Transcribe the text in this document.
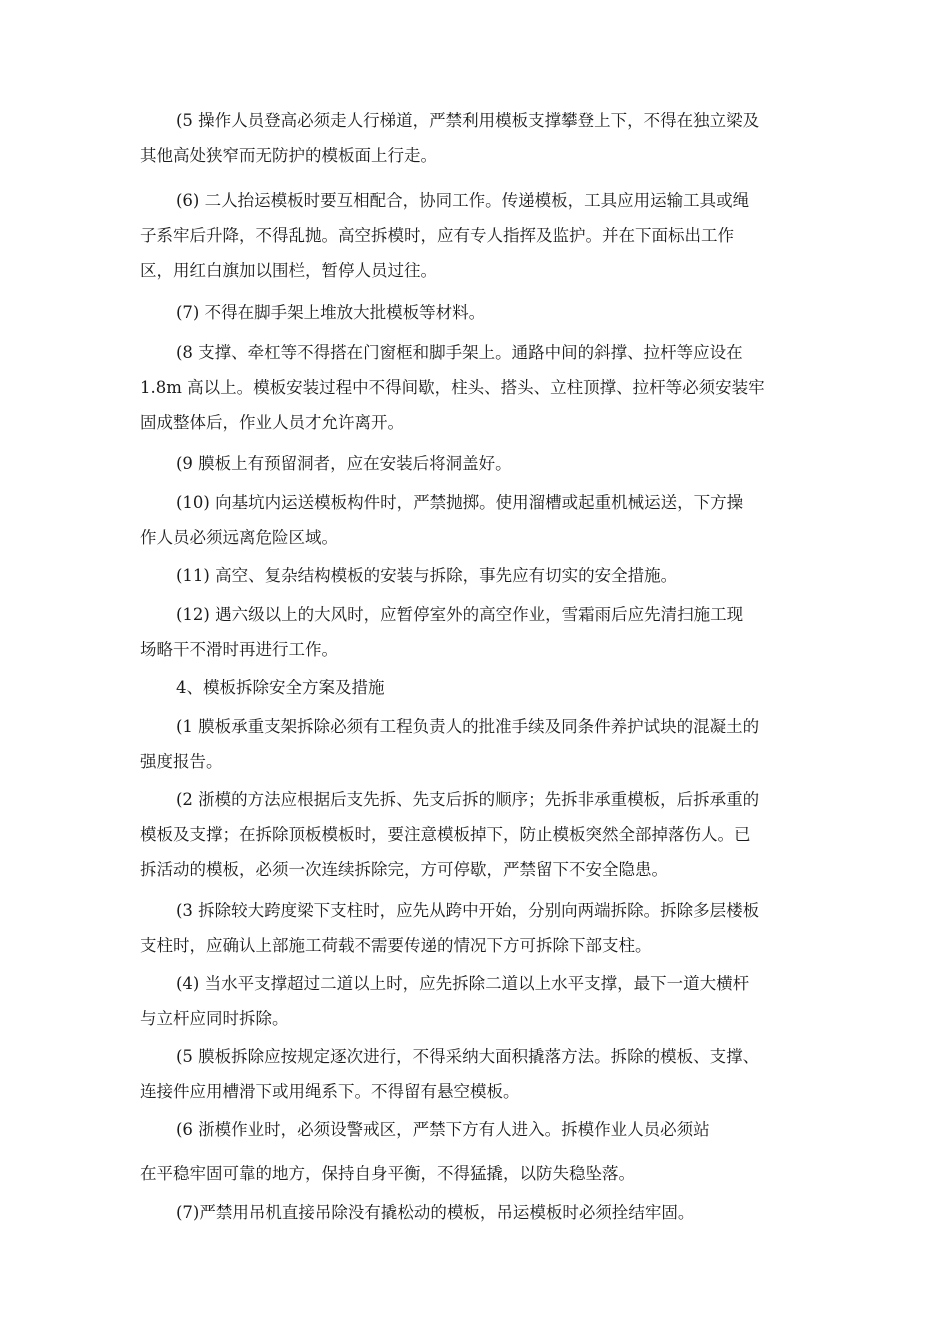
(5 操作人员登高必须走人行梯道，严禁利用模板支撑攀登上下，不得在独立梁及
其他高处狭窄而无防护的模板面上行走。
(6) 二人抬运模板时要互相配合，协同工作。传递模板，工具应用运输工具或绳
子系牢后升降，不得乱抛。高空拆模时，应有专人指挥及监护。并在下面标出工作
区，用红白旗加以围栏，暂停人员过往。
(7) 不得在脚手架上堆放大批模板等材料。
(8 支撑、牵杠等不得搭在门窗框和脚手架上。通路中间的斜撑、拉杆等应设在
1.8m 高以上。模板安装过程中不得间歇，柱头、搭头、立柱顶撑、拉杆等必须安装牢
固成整体后，作业人员才允许离开。
(9 膜板上有预留洞者，应在安装后将洞盖好。
(10) 向基坑内运送模板构件时，严禁抛掷。使用溜槽或起重机械运送，下方操
作人员必须远离危险区域。
(11) 高空、复杂结构模板的安装与拆除，事先应有切实的安全措施。
(12) 遇六级以上的大风时，应暂停室外的高空作业，雪霜雨后应先清扫施工现
场略干不滑时再进行工作。
4、模板拆除安全方案及措施
(1 膜板承重支架拆除必须有工程负责人的批准手续及同条件养护试块的混凝土的
强度报告。
(2 浙模的方法应根据后支先拆、先支后拆的顺序；先拆非承重模板，后拆承重的
模板及支撑；在拆除顶板模板时，要注意模板掉下，防止模板突然全部掉落伤人。已
拆活动的模板，必须一次连续拆除完，方可停歇，严禁留下不安全隐患。
(3 拆除较大跨度梁下支柱时，应先从跨中开始，分别向两端拆除。拆除多层楼板
支柱时，应确认上部施工荷载不需要传递的情况下方可拆除下部支柱。
(4) 当水平支撑超过二道以上时，应先拆除二道以上水平支撑，最下一道大横杆
与立杆应同时拆除。
(5 膜板拆除应按规定逐次进行，不得采纳大面积撬落方法。拆除的模板、支撑、
连接件应用槽滑下或用绳系下。不得留有悬空模板。
(6 浙模作业时，必须设警戒区，严禁下方有人进入。拆模作业人员必须站
在平稳牢固可靠的地方，保持自身平衡，不得猛撬，以防失稳坠落。
(7)严禁用吊机直接吊除没有撬松动的模板，吊运模板时必须拴结牢固。
